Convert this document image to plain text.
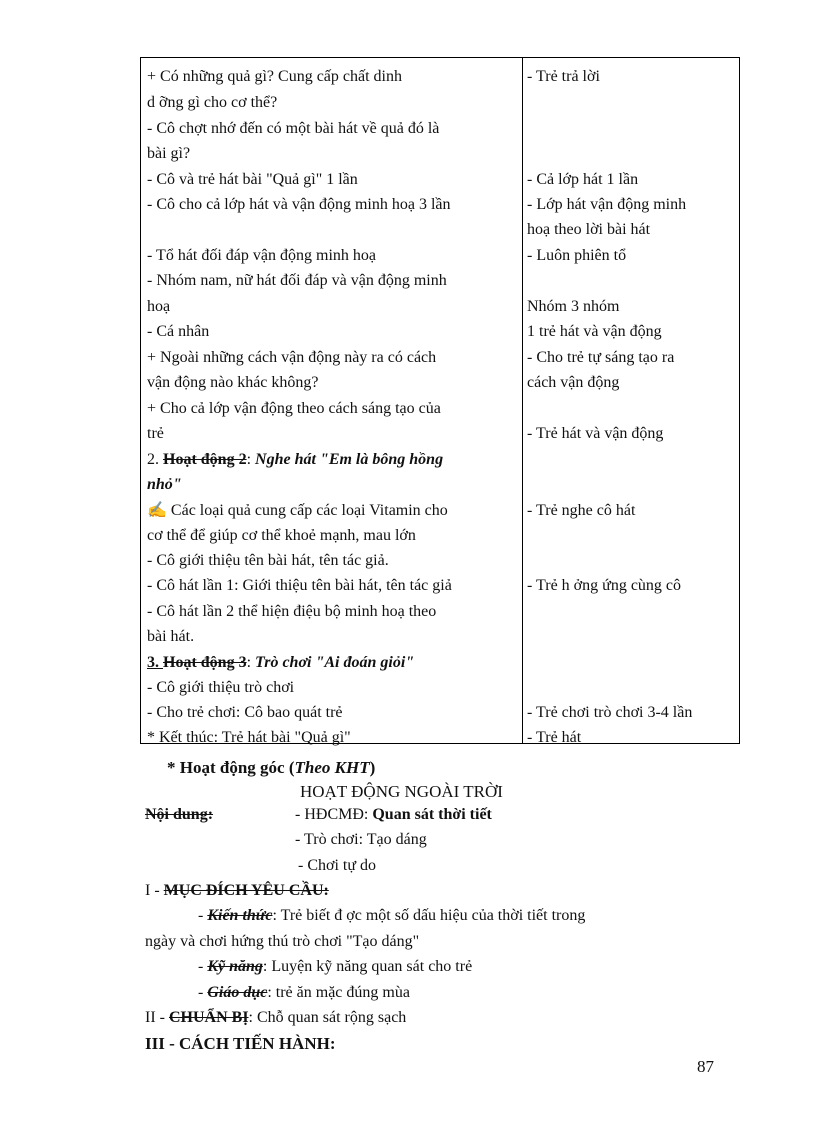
+ Có những quả gì? Cung cấp chất dinh
d ỡng gì cho cơ thể?
- Cô chợt nhớ đến có một bài hát về quả đó là
bài gì?
- Cô và trẻ hát bài "Quả gì" 1 lần
- Cô cho cả lớp hát và vận động minh hoạ 3 lần
- Tổ hát đối đáp vận động minh hoạ
- Nhóm nam, nữ hát đối đáp và vận động minh
hoạ
- Cá nhân
+ Ngoài những cách vận động này ra có cách
vận động nào khác không?
+ Cho cả lớp vận động theo cách sáng tạo của
trẻ
2. Hoạt động 2: Nghe hát "Em là bông hồng
nhỏ"
✍ Các loại quả cung cấp các loại Vitamin cho
cơ thể để giúp cơ thể khoẻ mạnh, mau lớn
- Cô giới thiệu tên bài hát, tên tác giả.
- Cô hát lần 1: Giới thiệu tên bài hát, tên tác giả
- Cô hát lần 2 thể hiện điệu bộ minh hoạ theo
bài hát.
3. Hoạt động 3: Trò chơi "Ai đoán giỏi"
- Cô giới thiệu trò chơi
- Cho trẻ chơi: Cô bao quát trẻ
* Kết thúc: Trẻ hát bài "Quả gì"
- Trẻ trả lời
- Cả lớp hát 1 lần
- Lớp hát vận động minh
hoạ theo lời bài hát
- Luôn phiên tổ
Nhóm 3 nhóm
1 trẻ hát và vận động
- Cho trẻ tự sáng tạo ra
cách vận động
- Trẻ hát và vận động
- Trẻ nghe cô hát
- Trẻ h ởng ứng cùng cô
- Trẻ chơi trò chơi 3-4 lần
- Trẻ hát
* Hoạt động góc (Theo KHT)
HOẠT ĐỘNG NGOÀI TRỜI
Nội dung:	- HĐCMĐ: Quan sát thời tiết
- Trò chơi: Tạo dáng
- Chơi tự do
I - MỤC ĐÍCH YÊU CẦU:
- Kiến thức: Trẻ biết đ ợc một số dấu hiệu của thời tiết trong
ngày và chơi hứng thú trò chơi "Tạo dáng"
- Kỹ năng: Luyện kỹ năng quan sát cho trẻ
- Giáo dục: trẻ ăn mặc đúng mùa
II - CHUẨN BỊ: Chỗ quan sát rộng sạch
III - CÁCH TIẾN HÀNH:
87
